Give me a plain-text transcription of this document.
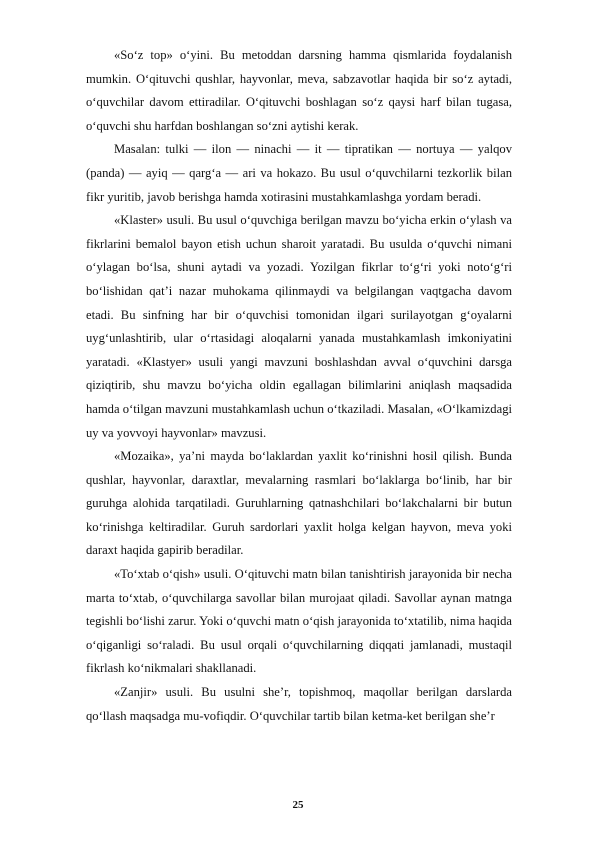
«So‘z top» o‘yini. Bu metoddan darsning hamma qismlarida foydalanish mumkin. O‘qituvchi qushlar, hayvonlar, meva, sabzavotlar haqida bir so‘z aytadi, o‘quvchilar davom ettiradilar. O‘qituvchi boshlagan so‘z qaysi harf bilan tugasa, o‘quvchi shu harfdan boshlangan so‘zni aytishi kerak.

Masalan: tulki — ilon — ninachi — it — tipratikan — nortuya — yalqov (panda) — ayiq — qarg‘a — ari va hokazo. Bu usul o‘quvchilarni tezkorlik bilan fikr yuritib, javob berishga hamda xotirasini mustahkamlashga yordam beradi.

«Klaster» usuli. Bu usul o‘quvchiga berilgan mavzu bo‘yicha erkin o‘ylash va fikrlarini bemalol bayon etish uchun sharoit yaratadi. Bu usulda o‘quvchi nimani o‘ylagan bo‘lsa, shuni aytadi va yozadi. Yozilgan fikrlar to‘g‘ri yoki noto‘g‘ri bo‘lishidan qat’i nazar muhokama qilinmaydi va belgilangan vaqtgacha davom etadi. Bu sinfning har bir o‘quvchisi tomonidan ilgari surilayotgan g‘oyalarni uyg‘unlashtirib, ular o‘rtasidagi aloqalarni yanada mustahkamlash imkoniyatini yaratadi. «Klastyer» usuli yangi mavzuni boshlashdan avval o‘quvchini darsga qiziqtirib, shu mavzu bo‘yicha oldin egallagan bilimlarini aniqlash maqsadida hamda o‘tilgan mavzuni mustahkamlash uchun o‘tkaziladi. Masalan, «O‘lkamizdagi uy va yovvoyi hayvonlar» mavzusi.

«Mozaika», ya’ni mayda bo‘laklardan yaxlit ko‘rinishni hosil qilish. Bunda qushlar, hayvonlar, daraxtlar, mevalarning rasmlari bo‘laklarga bo‘linib, har bir guruhga alohida tarqatiladi. Guruhlarning qatnashchilari bo‘lakchalarni bir butun ko‘rinishga keltiradilar. Guruh sardorlari yaxlit holga kelgan hayvon, meva yoki daraxt haqida gapirib beradilar.

«To‘xtab o‘qish» usuli. O‘qituvchi matn bilan tanishtirish jarayonida bir necha marta to‘xtab, o‘quvchilarga savollar bilan murojaat qiladi. Savollar aynan matnga tegishli bo‘lishi zarur. Yoki o‘quvchi matn o‘qish jarayonida to‘xtatilib, nima haqida o‘qiganligi so‘raladi. Bu usul orqali o‘quvchilarning diqqati jamlanadi, mustaqil fikrlash ko‘nikmalari shakllanadi.

«Zanjir» usuli. Bu usulni she’r, topishmoq, maqollar berilgan darslarda qo‘llash maqsadga mu-vofiqdir. O‘quvchilar tartib bilan ketma-ket berilgan she’r

25
